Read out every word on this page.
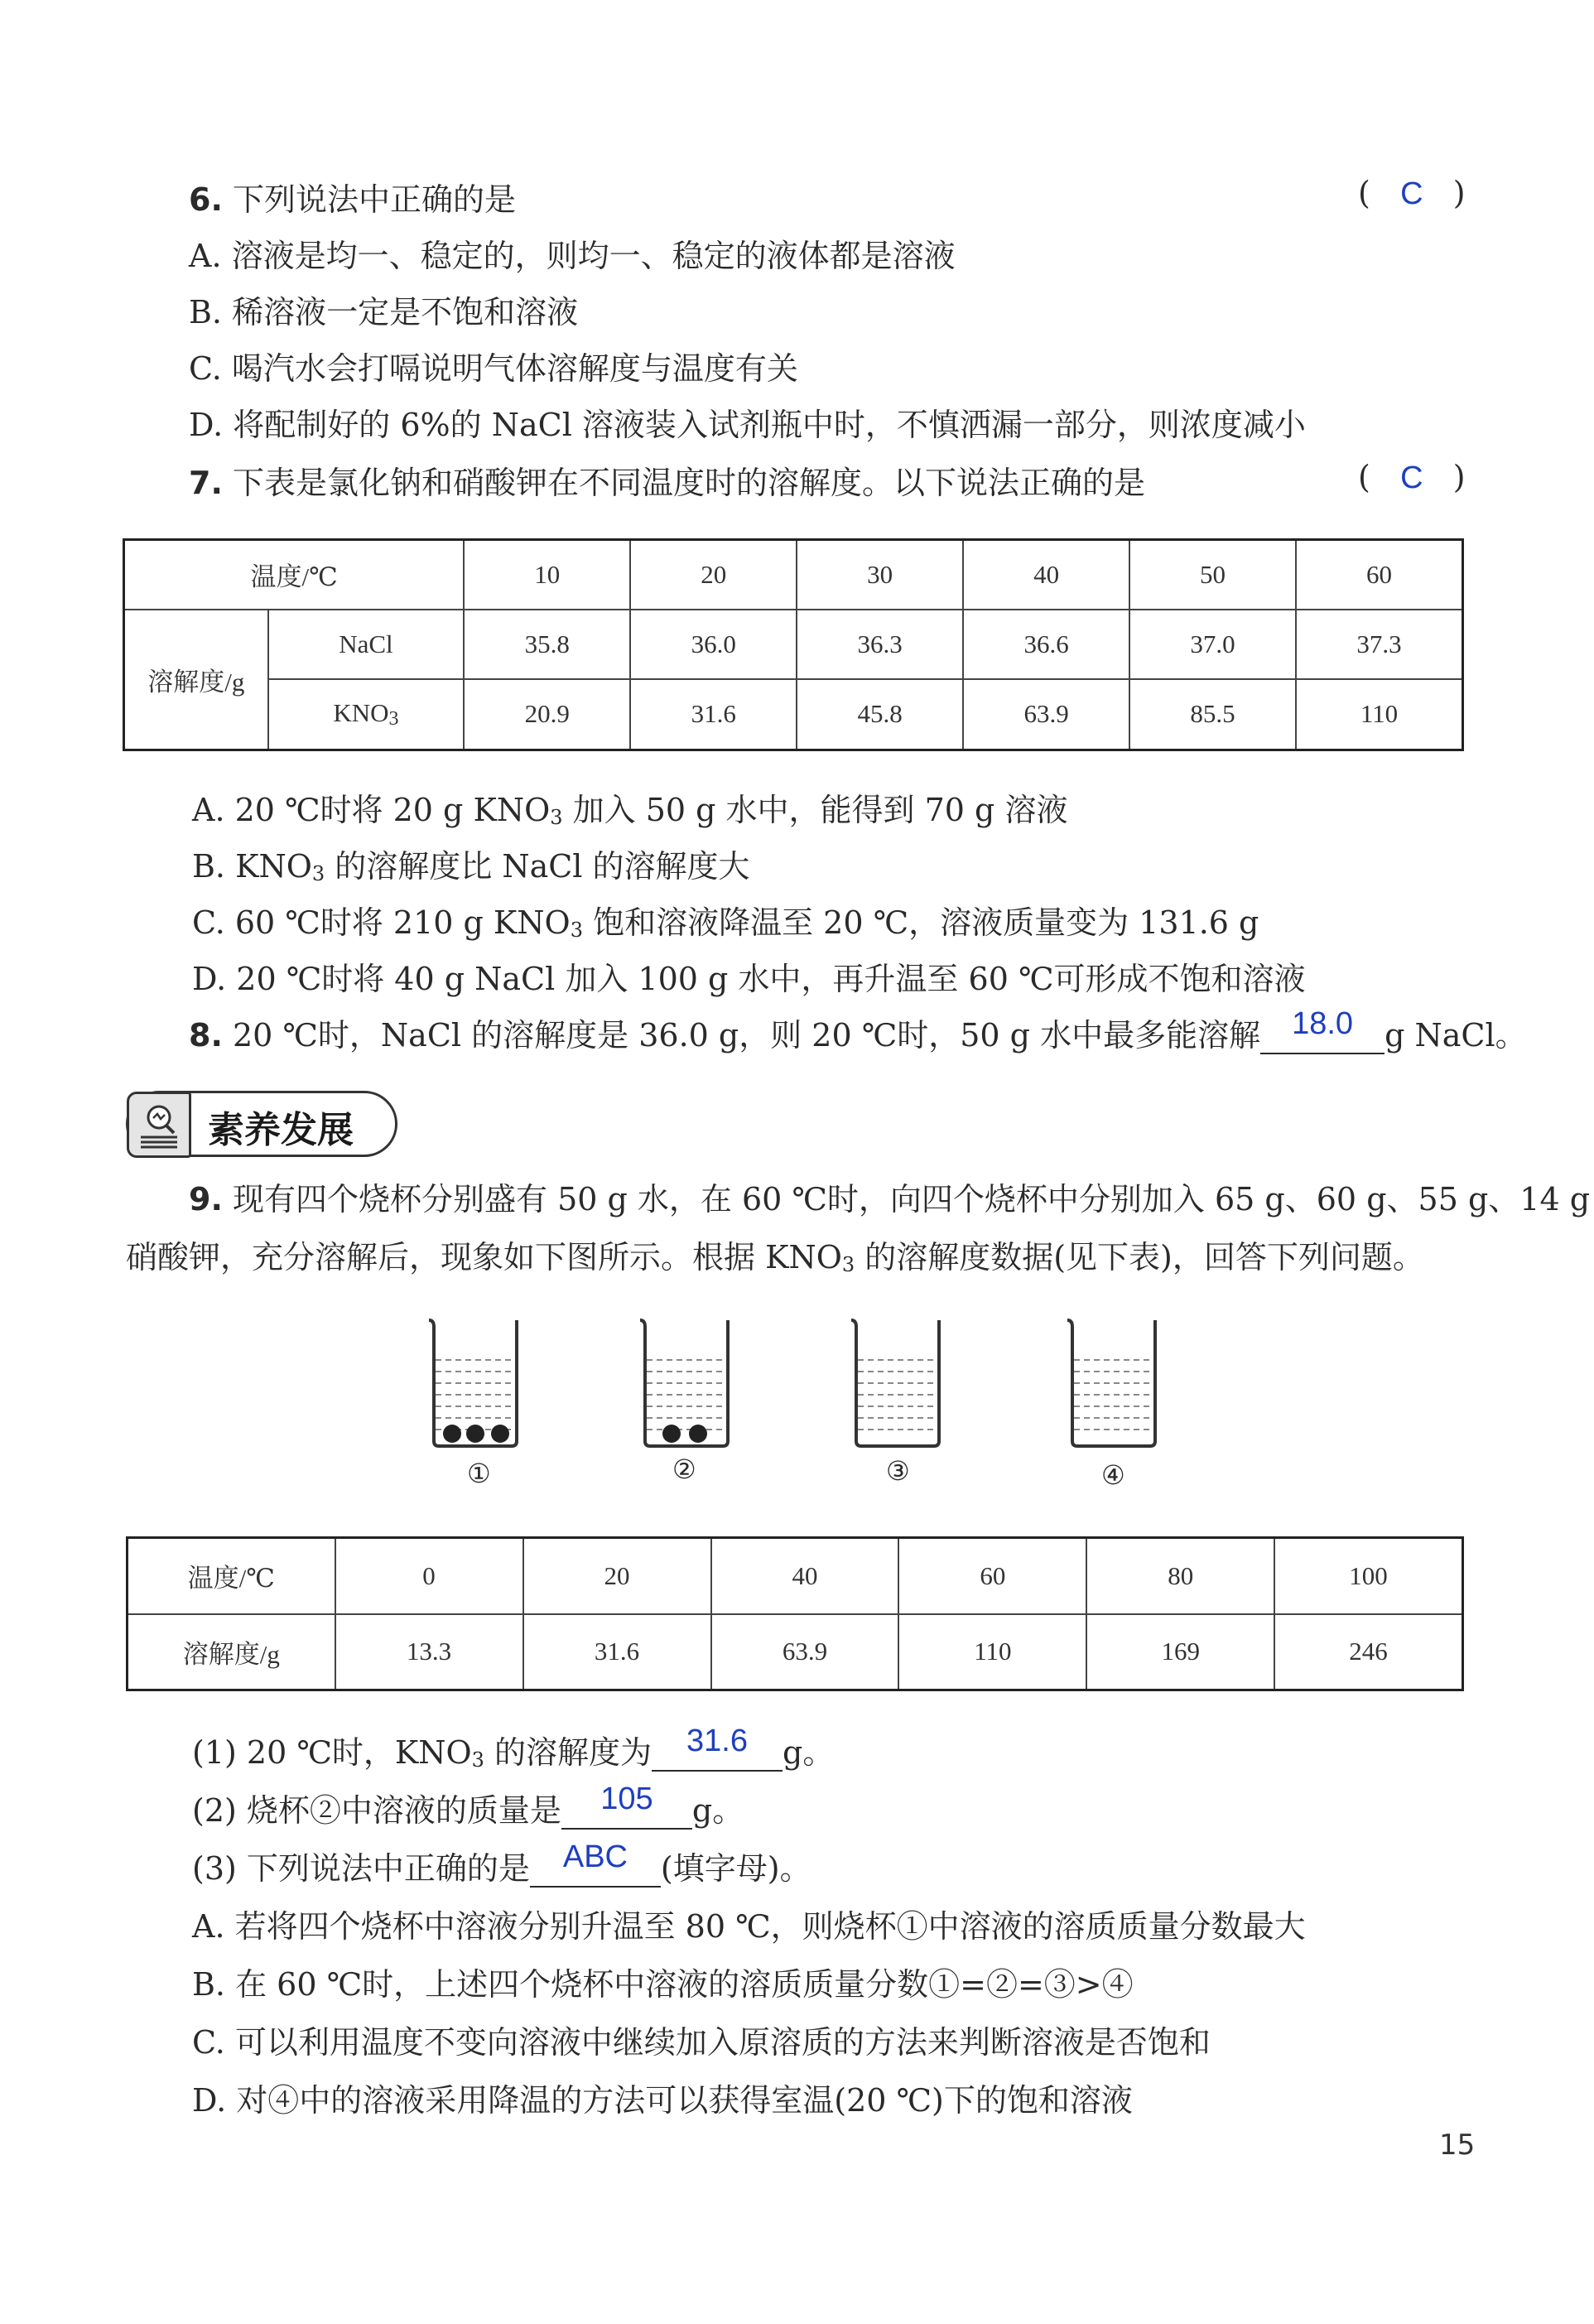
6. 下列说法中正确的是	(   C   )
A. 溶液是均一、稳定的，则均一、稳定的液体都是溶液
B. 稀溶液一定是不饱和溶液
C. 喝汽水会打嗝说明气体溶解度与温度有关
D. 将配制好的 6%的 NaCl 溶液装入试剂瓶中时，不慎洒漏一部分，则浓度减小
7. 下表是氯化钠和硝酸钾在不同温度时的溶解度。以下说法正确的是	(   C   )
温度/℃		10	20	30	40	50	60
溶解度/g	NaCl	35.8	36.0	36.3	36.6	37.0	37.3
	$KNO_3$	20.9	31.6	45.8	63.9	85.5	110
A. 20 ℃时将 20 g $KNO_3$ 加入 50 g 水中，能得到 70 g 溶液
B. $KNO_3$ 的溶解度比 NaCl 的溶解度大
C. 60 ℃时将 210 g $KNO_3$ 饱和溶液降温至 20 ℃，溶液质量变为 131.6 g
D. 20 ℃时将 40 g NaCl 加入 100 g 水中，再升温至 60 ℃可形成不饱和溶液
8. 20 ℃时，NaCl 的溶解度是 36.0 g，则 20 ℃时，50 g 水中最多能溶解	18.0	g NaCl。
素养发展
9. 现有四个烧杯分别盛有 50 g 水，在 60 ℃时，向四个烧杯中分别加入 65 g、60 g、55 g、14 g
硝酸钾，充分溶解后，现象如下图所示。根据 $KNO_3$ 的溶解度数据(见下表)，回答下列问题。
①	②	③	④
温度/℃	0	20	40	60	80	100
溶解度/g	13.3	31.6	63.9	110	169	246
(1) 20 ℃时，$KNO_3$ 的溶解度为	31.6	g。
(2) 烧杯②中溶液的质量是	105	g。
(3) 下列说法中正确的是	ABC	(填字母)。
A. 若将四个烧杯中溶液分别升温至 80 ℃，则烧杯①中溶液的溶质质量分数最大
B. 在 60 ℃时，上述四个烧杯中溶液的溶质质量分数①=②=③>④
C. 可以利用温度不变向溶液中继续加入原溶质的方法来判断溶液是否饱和
D. 对④中的溶液采用降温的方法可以获得室温(20 ℃)下的饱和溶液
15
